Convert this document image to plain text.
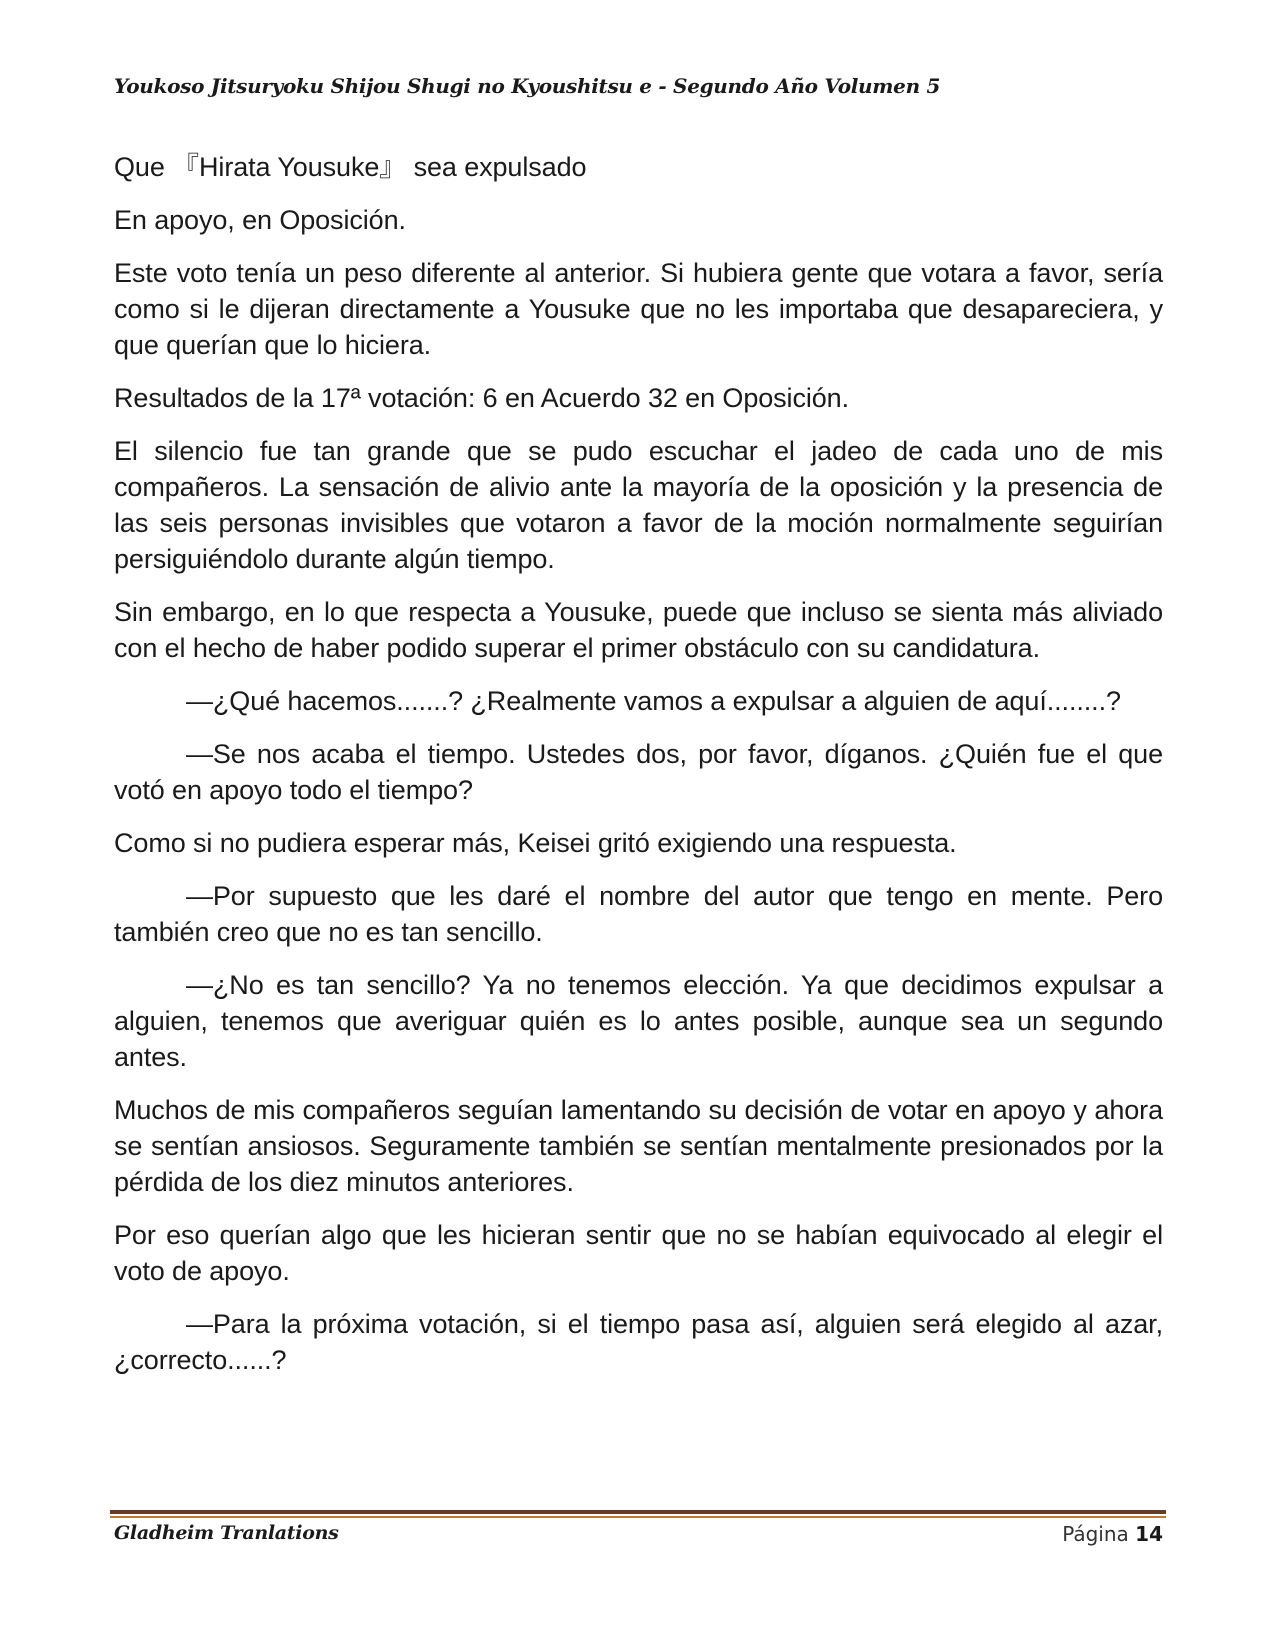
Youkoso Jitsuryoku Shijou Shugi no Kyoushitsu e - Segundo Año Volumen 5

Que 『Hirata Yousuke』 sea expulsado

En apoyo, en Oposición.

Este voto tenía un peso diferente al anterior. Si hubiera gente que votara a favor, sería como si le dijeran directamente a Yousuke que no les importaba que desapareciera, y que querían que lo hiciera.

Resultados de la 17ª votación: 6 en Acuerdo 32 en Oposición.

El silencio fue tan grande que se pudo escuchar el jadeo de cada uno de mis compañeros. La sensación de alivio ante la mayoría de la oposición y la presencia de las seis personas invisibles que votaron a favor de la moción normalmente seguirían persiguiéndolo durante algún tiempo.

Sin embargo, en lo que respecta a Yousuke, puede que incluso se sienta más aliviado con el hecho de haber podido superar el primer obstáculo con su candidatura.

—¿Qué hacemos.......? ¿Realmente vamos a expulsar a alguien de aquí........?

—Se nos acaba el tiempo. Ustedes dos, por favor, díganos. ¿Quién fue el que votó en apoyo todo el tiempo?

Como si no pudiera esperar más, Keisei gritó exigiendo una respuesta.

—Por supuesto que les daré el nombre del autor que tengo en mente. Pero también creo que no es tan sencillo.

—¿No es tan sencillo? Ya no tenemos elección. Ya que decidimos expulsar a alguien, tenemos que averiguar quién es lo antes posible, aunque sea un segundo antes.

Muchos de mis compañeros seguían lamentando su decisión de votar en apoyo y ahora se sentían ansiosos. Seguramente también se sentían mentalmente presionados por la pérdida de los diez minutos anteriores.

Por eso querían algo que les hicieran sentir que no se habían equivocado al elegir el voto de apoyo.

—Para la próxima votación, si el tiempo pasa así, alguien será elegido al azar, ¿correcto......?

Gladheim Tranlations	Página 14
